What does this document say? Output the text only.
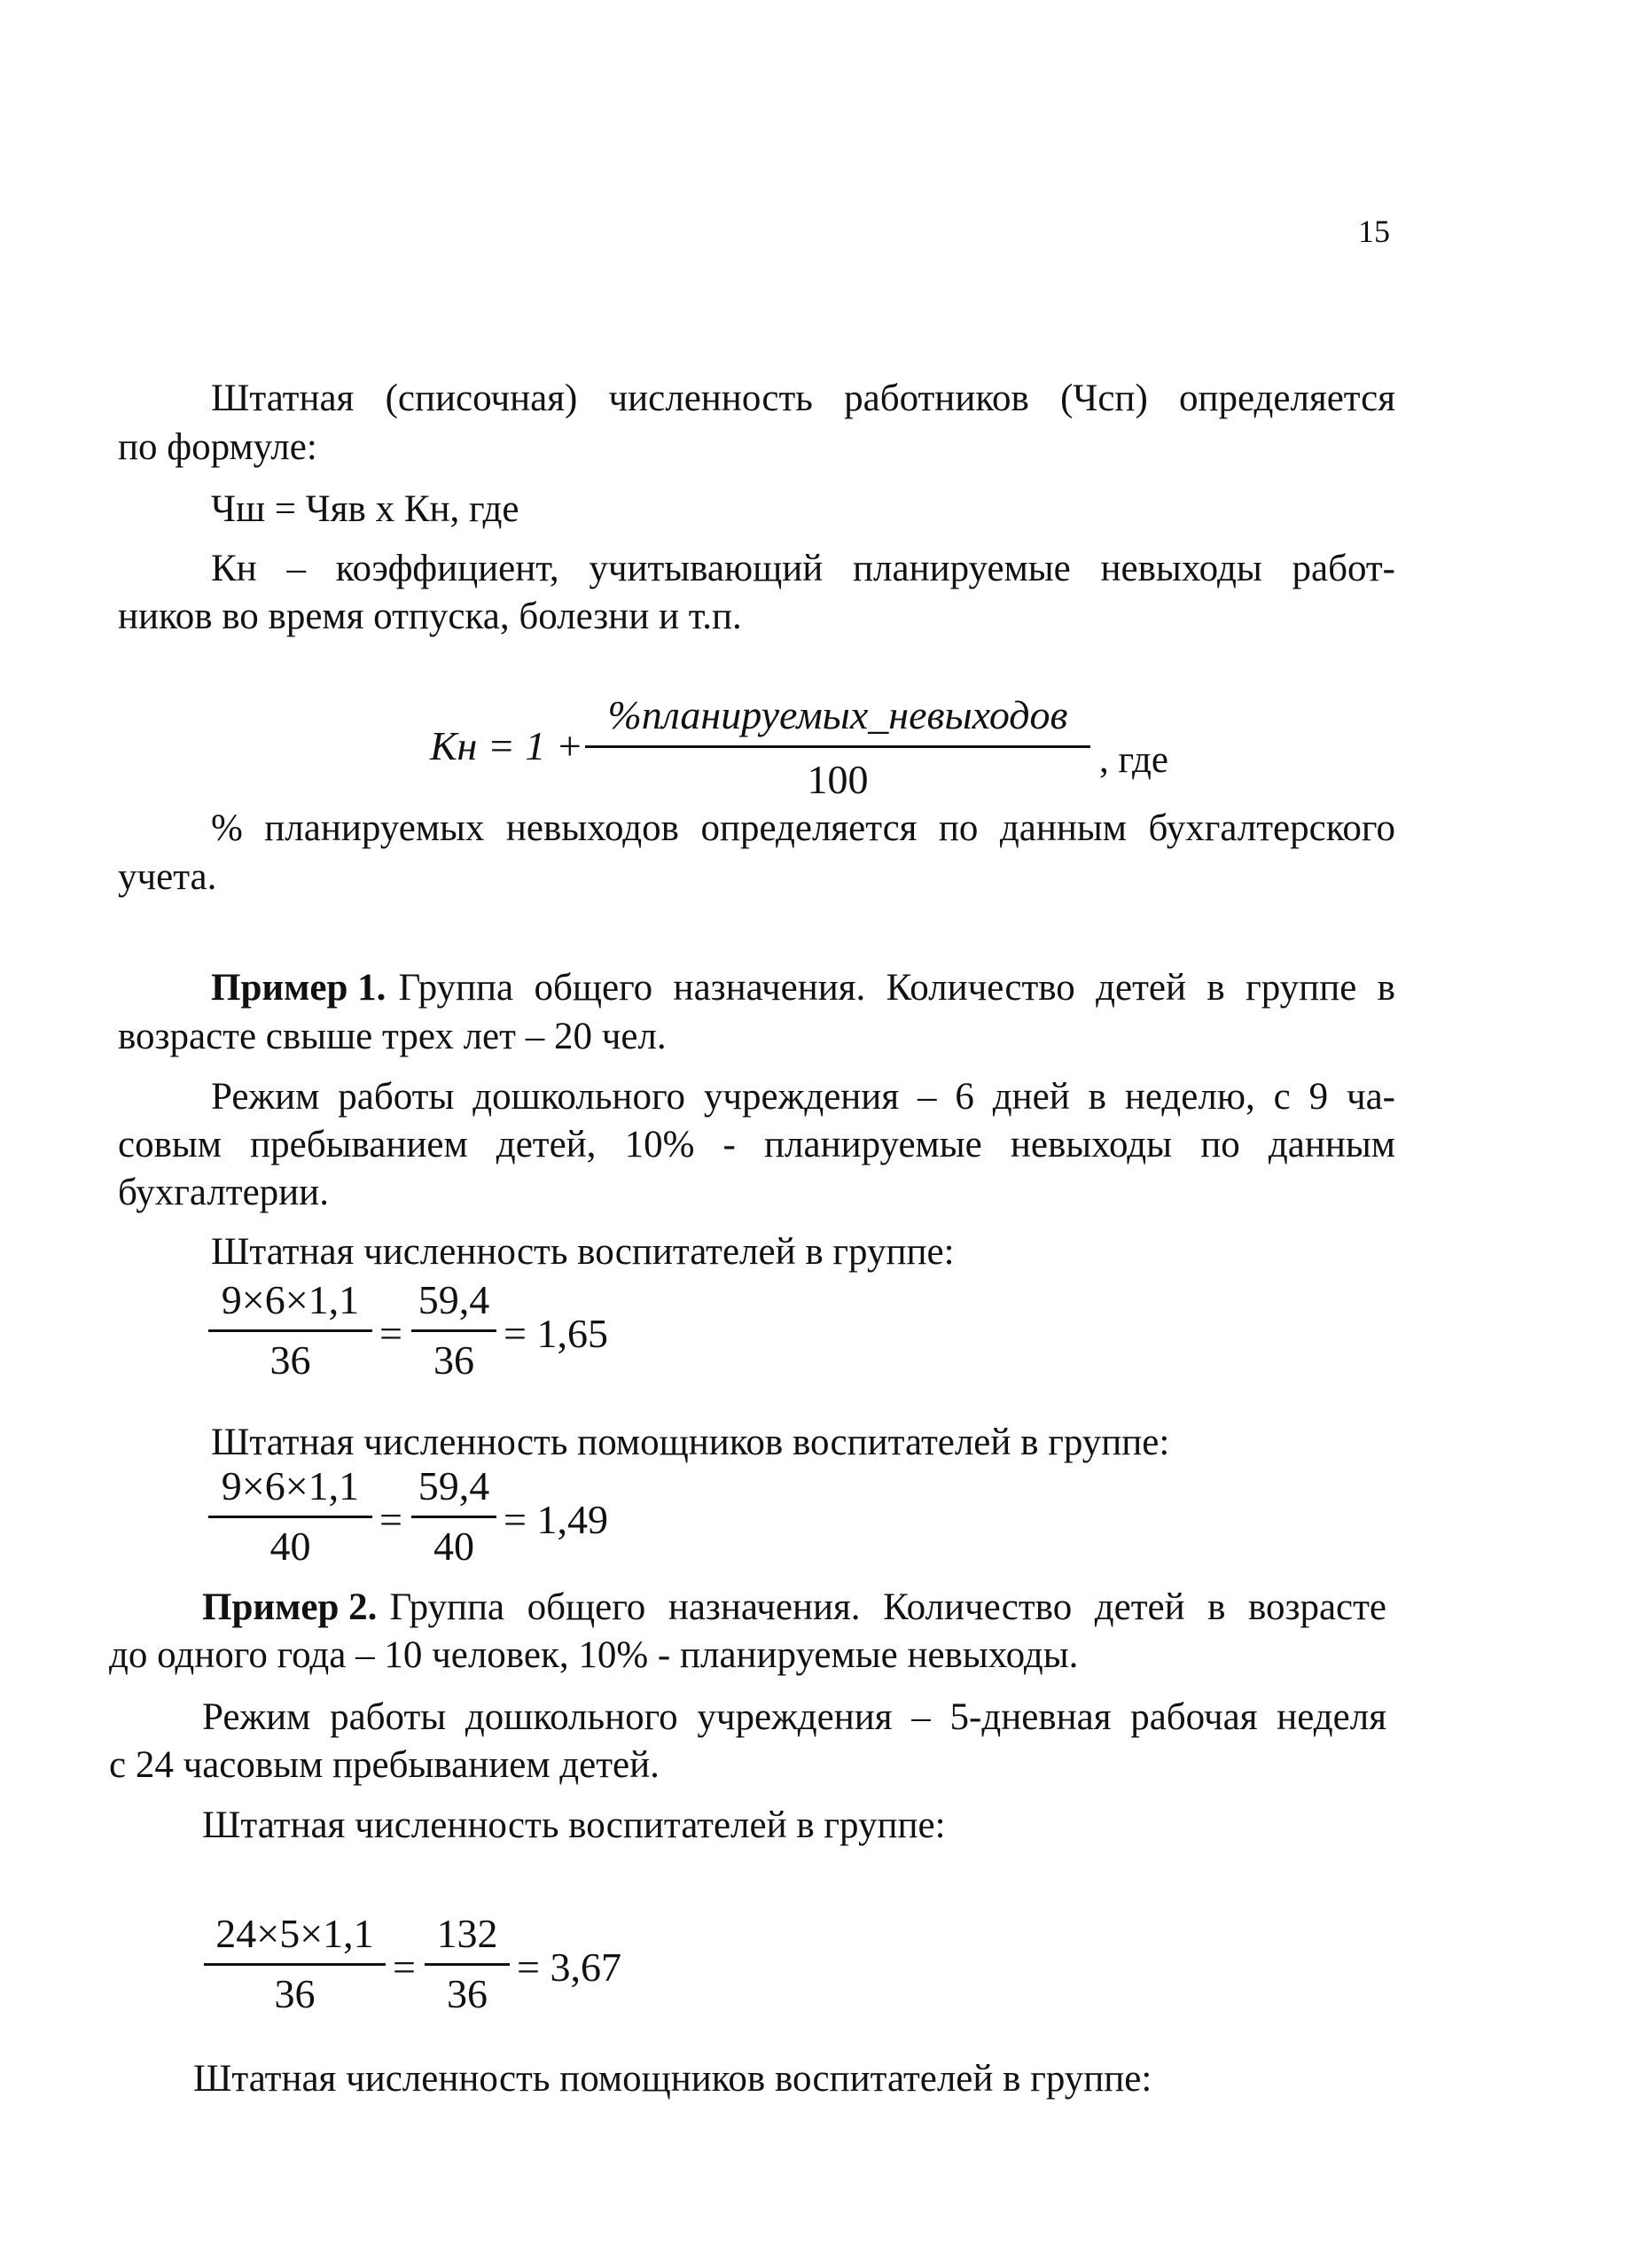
15
Штатная (списочная) численность работников (Чсп) определяется
по формуле:
Чш = Чяв х Кн, где
Кн – коэффициент, учитывающий планируемые невыходы работ-
ников во время отпуска, болезни и т.п.
Кн = 1 +
%планируемых_невыходов
100	, где
% планируемых невыходов определяется по данным бухгалтерского
учета.
Пример 1. Группа общего назначения. Количество детей в группе в
возрасте свыше трех лет – 20 чел.
Режим работы дошкольного учреждения – 6 дней в неделю, с 9 ча-
совым пребыванием детей, 10% - планируемые невыходы по данным
бухгалтерии.
Штатная численность воспитателей в группе:
9×6×1,1
36
=
59,4
36
= 1,65
Штатная численность помощников воспитателей в группе:
9×6×1,1
40
=
59,4
40
= 1,49
Пример 2. Группа общего назначения. Количество детей в возрасте
до одного года – 10 человек, 10% - планируемые невыходы.
Режим работы дошкольного учреждения – 5-дневная рабочая неделя
с 24 часовым пребыванием детей.
Штатная численность воспитателей в группе:
24×5×1,1
36
=
132
36
= 3,67
Штатная численность помощников воспитателей в группе:
